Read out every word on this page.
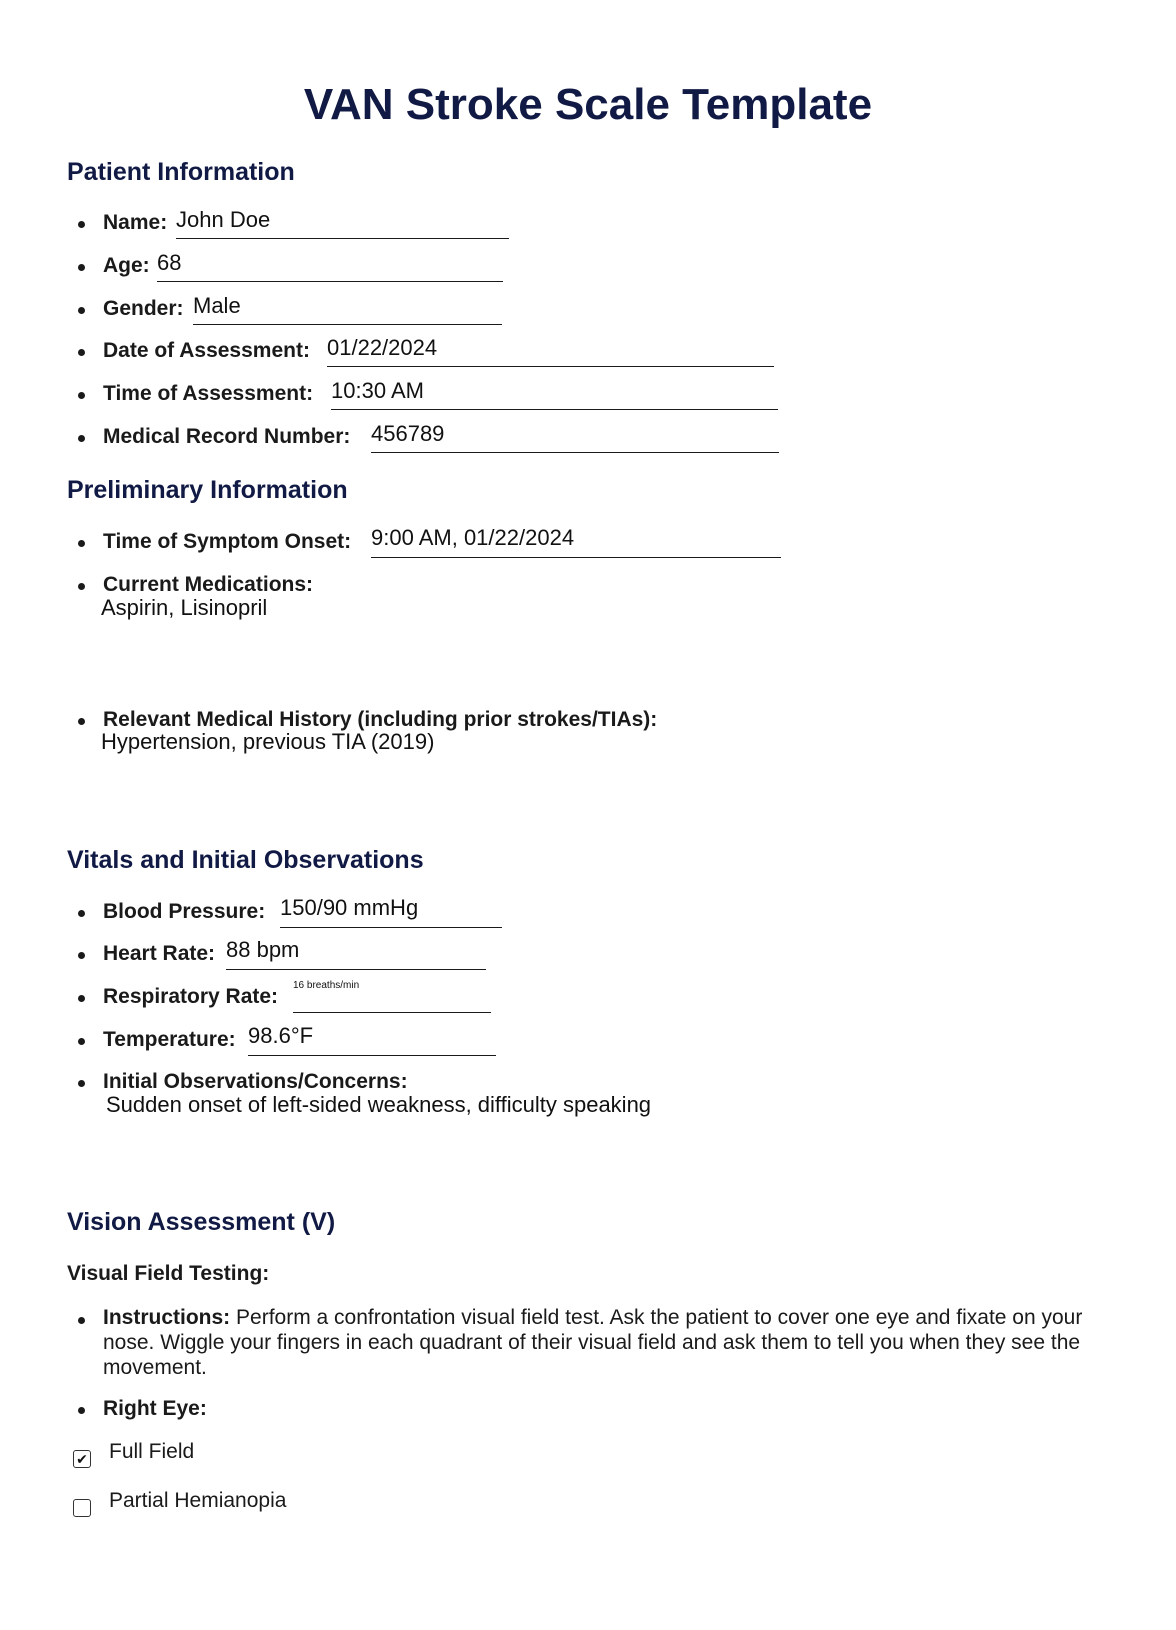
VAN Stroke Scale Template
Patient Information
Name: John Doe
Age: 68
Gender: Male
Date of Assessment: 01/22/2024
Time of Assessment: 10:30 AM
Medical Record Number: 456789
Preliminary Information
Time of Symptom Onset: 9:00 AM, 01/22/2024
Current Medications:
Aspirin, Lisinopril
Relevant Medical History (including prior strokes/TIAs):
Hypertension, previous TIA (2019)
Vitals and Initial Observations
Blood Pressure: 150/90 mmHg
Heart Rate: 88 bpm
Respiratory Rate: 16 breaths/min
Temperature: 98.6°F
Initial Observations/Concerns:
Sudden onset of left-sided weakness, difficulty speaking
Vision Assessment (V)
Visual Field Testing:
Instructions: Perform a confrontation visual field test. Ask the patient to cover one eye and fixate on your nose. Wiggle your fingers in each quadrant of their visual field and ask them to tell you when they see the movement.
Right Eye:
✔ Full Field
Partial Hemianopia
